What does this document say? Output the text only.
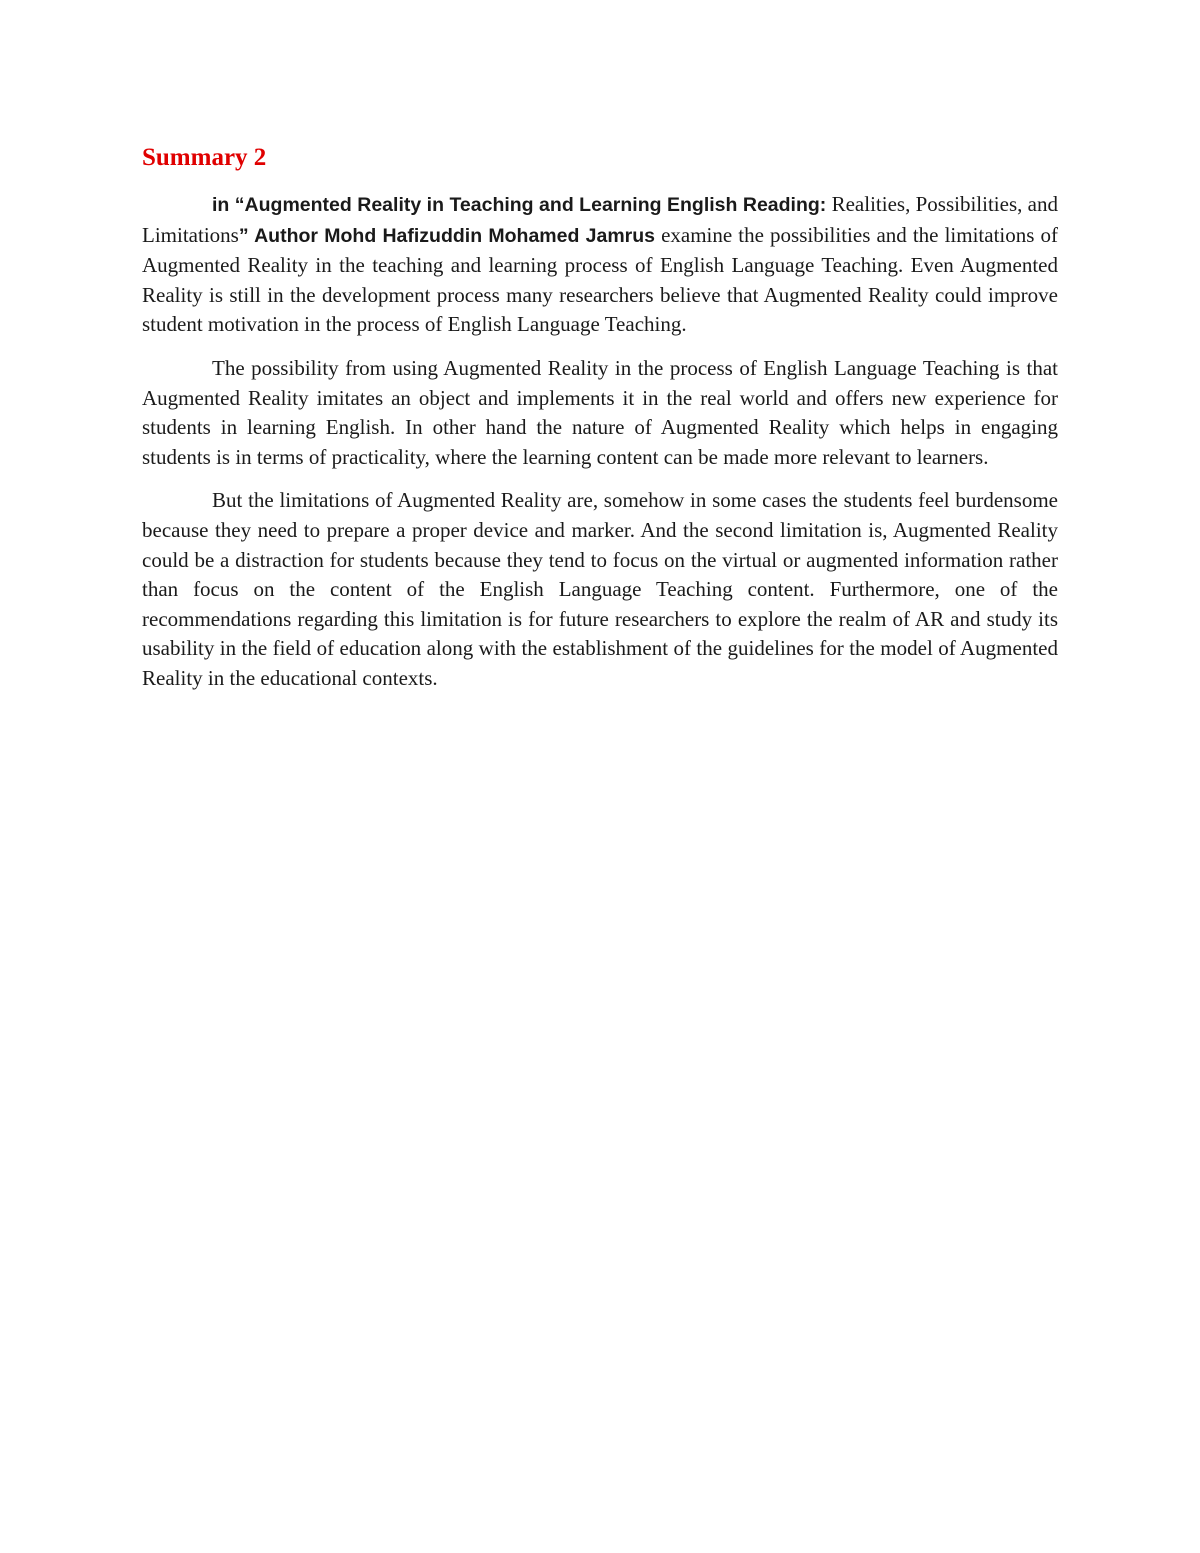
Summary 2

in “Augmented Reality in Teaching and Learning English Reading: Realities, Possibilities, and Limitations” Author Mohd Hafizuddin Mohamed Jamrus examine the possibilities and the limitations of Augmented Reality in the teaching and learning process of English Language Teaching. Even Augmented Reality is still in the development process many researchers believe that Augmented Reality could improve student motivation in the process of English Language Teaching.

The possibility from using Augmented Reality in the process of English Language Teaching is that Augmented Reality imitates an object and implements it in the real world and offers new experience for students in learning English. In other hand the nature of Augmented Reality which helps in engaging students is in terms of practicality, where the learning content can be made more relevant to learners.

But the limitations of Augmented Reality are, somehow in some cases the students feel burdensome because they need to prepare a proper device and marker. And the second limitation is, Augmented Reality could be a distraction for students because they tend to focus on the virtual or augmented information rather than focus on the content of the English Language Teaching content. Furthermore, one of the recommendations regarding this limitation is for future researchers to explore the realm of AR and study its usability in the field of education along with the establishment of the guidelines for the model of Augmented Reality in the educational contexts.
